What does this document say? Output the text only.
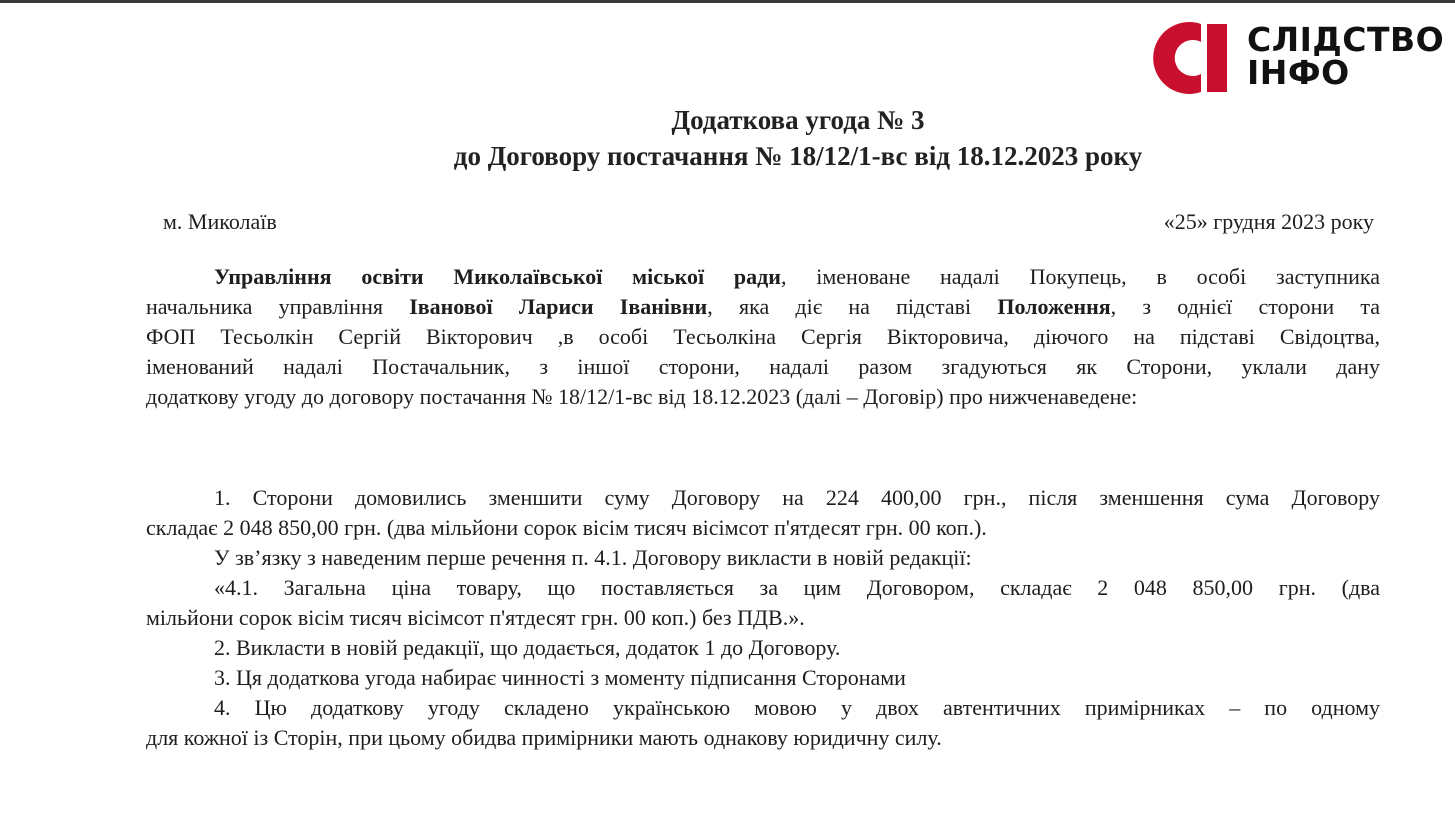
СЛІДСТВО
ІНФО
Додаткова угода № 3
до Договору постачання № 18/12/1-вс від 18.12.2023 року
м. Миколаїв	«25» грудня 2023 року
Управління освіти Миколаївської міської ради, іменоване надалі Покупець, в особі заступника
начальника управління Іванової Лариси Іванівни, яка діє на підставі Положення, з однієї сторони та
ФОП Тесьолкін Сергій Вікторович ,в особі Тесьолкіна Сергія Вікторовича, діючого на підставі Свідоцтва,
іменований надалі Постачальник, з іншої сторони, надалі разом згадуються як Сторони, уклали дану
додаткову угоду до договору постачання № 18/12/1-вс від 18.12.2023 (далі – Договір) про нижченаведене:
1. Сторони домовились зменшити суму Договору на 224 400,00 грн., після зменшення сума Договору
складає 2 048 850,00 грн. (два мільйони сорок вісім тисяч вісімсот п'ятдесят грн. 00 коп.).
У зв’язку з наведеним перше речення п. 4.1. Договору викласти в новій редакції:
«4.1. Загальна ціна товару, що поставляється за цим Договором, складає 2 048 850,00 грн. (два
мільйони сорок вісім тисяч вісімсот п'ятдесят грн. 00 коп.) без ПДВ.».
2. Викласти в новій редакції, що додається, додаток 1 до Договору.
3. Ця додаткова угода набирає чинності з моменту підписання Сторонами
4. Цю додаткову угоду складено українською мовою у двох автентичних примірниках – по одному
для кожної із Сторін, при цьому обидва примірники мають однакову юридичну силу.
